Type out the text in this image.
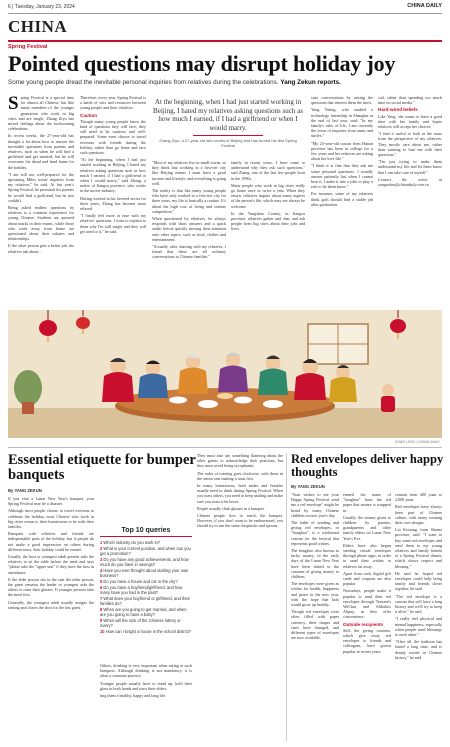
6 | Tuesday, January 23, 2024	CHINA DAILY
CHINA
Spring Festival
Pointed questions may disrupt holiday joy
Some young people dread the inevitable personal inquiries from relatives during the celebrations. Yang Zekun reports.
S pring Festival is a special time for almost all Chinese, but like many members of the younger generation who work in big cities and are single, Zhang Ziyu has mixed feelings about the forthcoming celebrations.

In recent weeks, the 27-year-old has thought a lot about how to answer the inevitable questions from parents and relatives, such as when he will find a girlfriend and get married, but he will overcome his dread and head home for the holiday.

"I am still not well-prepared for the upcoming Miles social inquiries from my relatives," he said. At last year's Spring Festival, he promised his parents he would find a girlfriend, but he just couldn't.

Being asked endless questions by relatives is a common experience for young Chinese. Students are quizzed about marks in their exams, while those who work away from home are questioned about their salaries and relationships.

If the other person gets a better job, the relatives ask about...

Therefore, every year, Spring Festival is a battle of wits and resources between young people and their relatives.

Caution

Though many young people know the kind of questions they will face, they still need to be cautious and well-prepared. Some even choose to travel overseas with friends during the holiday, rather than go home and face such questions.

"At the beginning, when I had just started working in Beijing, I hated my relatives asking questions such as how much I earned, if I had a girlfriend or when I would marry," said Zhang, a native of Jiangsu province, who works in the movie industry.

Having worked in his favored sector for three years, Zhang has become more relaxed.

"I finally feel more at ease with my relatives' questions. I want to explain to them why I'm still single and they will get used to it," he said.

At the beginning, when I had just started working in Beijing, I hated my relatives asking questions such as how much I earned, if I had a girlfriend or when I would marry.
Zhang Ziyu, a 27-year-old who works in Beijing and has turned his first Spring Festival

"Most of my relatives live in small towns, so they think that working in a first-tier city like Beijing means I must have a good income and lifestyle, and everything is going well.

The reality is that like many young people who have only worked in a first-tier city for three years, my life is basically a routine. It's about the high cost of living and intense competition."

When questioned by relatives, he always responds with short answers and a quick smile, before quickly moving their attention onto other topics, such as food, clothes and entertainment.

"Actually, after chatting with my relatives, I found that these are all ordinary conversations in Chinese families."

family in recent years, I have come to understand why they ask such questions," said Zhang, one of the last few people born in the 1990s.

Many people who work in big cities really go home once or twice a year. When they return, relatives inquire about many aspects of the person's life, which may not always be welcome.

In the Yangshuo County, in Jiangsu province, relatives gather and chat, and ask people from big cities about their jobs and lives.

start conversations by raising the questions that interest them the most.

Yang Yuting, who studied a technology internship in Shanghai at the end of last year, said: "In my family's ruler of life, I am currently the focus of inquiries from aunts and uncles."

"My 23-year-old cousin from Hunan province has been in college for a few years and her relatives are asking about her love life."

"I think it is fine that they ask me some personal questions. I usually answer patiently, but when I cannot bear it, I make it into a joke or play a role to let them know."

For instance, some of my relatives think girls should find a stable job after graduation.

cial, rather than spending too much time on social media."

Hard-wired beliefs

Like Yang, she wants to have a good time with her family and hopes relatives will accept her choices.

"I find it useful to look at the issue from the perspective of my relatives. They mostly care about me, rather than wanting to hurt me with their questions."

"I'm just trying to make them understand my life and let them know that I can take care of myself."

Contact the writer at yangzekun@chinadaily.com.cn

ZHAO LIXIN / CHINA DAILY
Essential etiquette for bumper banquets
By YANG ZEKUN

If you visit a Lunar New Year's banquet, your Spring Festival may be a disaster.

Although most people choose to travel overseas to celebrate the holiday, most Chinese who work in big cities return to their hometowns to be with their families.

Banquets with relatives and friends are indispensable parts of the holiday, but if people do not make a good impression on others during different tours, their holiday could be ruined.

Usually, the host or youngest adult present asks the relatives to sit the table before the meal and says "please take the "upper seat" if they have the host in attendance.

If the elder person sits in the seat the other person, the guest remains the leader or youngest asks the others to raise their glasses. If younger persons take the meal first.

Generally, the youngest adult usually assigns the seating and closes the door for the last guest.

Top 10 queries
1 Which industry do you work in?
2 What is your current position, and when can you get a promotion?
3 Do you have any good achievements, and how much do you have in savings?
4 Have you ever thought about starting your own business?
5 Do you have a house and car in the city?
6 Do you have a boyfriend/girlfriend, and how many have you had in the past?
7 What does your boyfriend or girlfriend, and their families do?
8 When are you going to get married, and when are you going to have a baby?
9 When will the size of the Chinese lottery or marry?
10 How can I knight a house in the school district?

Others, drinking is very important when eating at such banquets. Although drinking is not mandatory, it is often a common practice.

Younger people usually have to stand up, hold their glass in both hands and toast their elders.

ting them a healthy, happy and long life.

They must also say something flattering about the other guests to acknowledge their positions, but they must avoid being sycophantic.

The order of toasting goes clockwise, with those in the senior seat making a toast first.

In many hometowns, both males and females usually need to drink during Spring Festival. When you toast others, you need to keep smiling and make sure you toast a bit lower.

People usually clink glasses in a banquet.

Chinese people love to watch the banquet. However, if you don't want to be embarrassed, you should try to use the same chopsticks and spoons.

Red envelopes deliver happy thoughts
By YANG ZEKUN

"Start wishes to me your Happy Spring Festival, send me a red envelope" might be heard by many Chinese children on new year's day.

The habit of sending and giving red envelopes, or "hongbao", is a traditional custom for the festival that represents good wishes.

The hongbao, also known as lucky money, in the early days of the Lunar New Year have been linked to the customs of giving money to children.

The envelopes were given as wishes for health, happiness and peace in the new year, with the hope that kids would grow up healthy.

Though red envelopes were often filled with paper currency, their shapes and sizes have changed, and different types of envelopes are now available.

earned the name of "hongbao" from the red paper that money is wrapped in.

Usually, the money given to children by parents, grandparents and other family elders on Lunar New Year's Eve.

Elders have also begun sending virtual envelopes through phone apps, in order to send their wishes to relatives far away.

Apart from cash, digital gift cards and coupons are also popular.

Nowadays, people make it popular to send their red envelopes through Tencent's WeChat and Alibaba's Alipay, as they offer convenience.

Outside recipients

Still, the giving customs, which give away red envelopes to friends and colleagues, have grown popular in recent years.

contain from 400 yuan to 2,000 yuan.

Red envelopes have always been part of Chinese culture, with many creating their own designs.

Liu Kexiang, from Shanxi province, said: "I want to buy some red envelopes and send them to my young relatives and family friends at a Spring Festival dinner, which shows respect and blessing."

He said he hoped red envelopes could help bring family and friends closer together, he said.

"The red envelope is a custom that will have a long history and we'll try to keep it alive," he said.

"I really feel physical and mental happiness, especially when people send blessings to each other."

"After all, the tradition has lasted a long time, and is deeply rooted in Chinese history," he said.
